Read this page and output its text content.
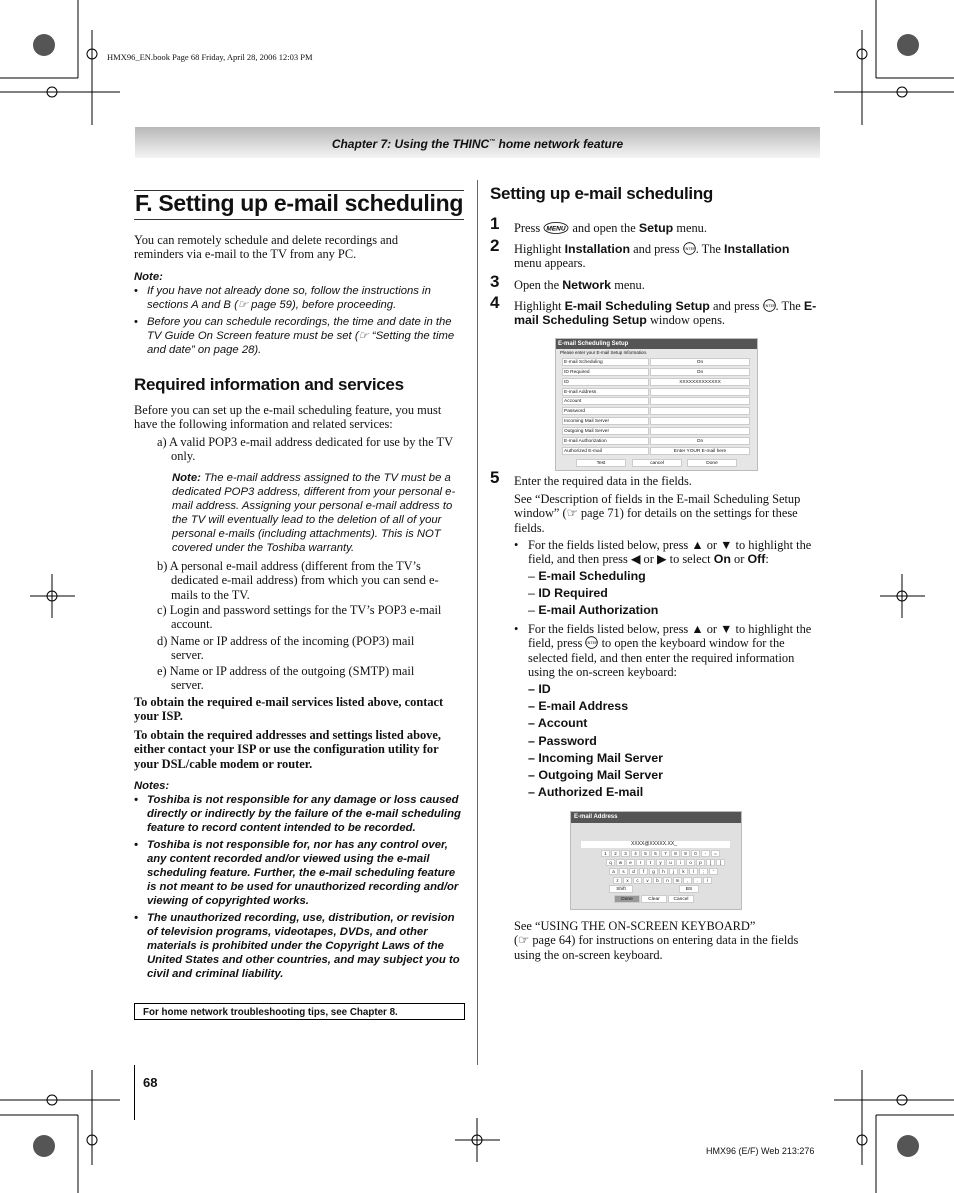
HMX96_EN.book Page 68 Friday, April 28, 2006 12:03 PM
Chapter 7: Using the THINC™ home network feature
F. Setting up e-mail scheduling
You can remotely schedule and delete recordings and reminders via e-mail to the TV from any PC.
Note:
• If you have not already done so, follow the instructions in sections A and B (☞ page 59), before proceeding.
• Before you can schedule recordings, the time and date in the TV Guide On Screen feature must be set (☞ “Setting the time and date” on page 28).
Required information and services
Before you can set up the e-mail scheduling feature, you must have the following information and related services:
a) A valid POP3 e-mail address dedicated for use by the TV only.
Note: The e-mail address assigned to the TV must be a dedicated POP3 address, different from your personal e-mail address. Assigning your personal e-mail address to the TV will eventually lead to the deletion of all of your personal e-mails (including attachments). This is NOT covered under the Toshiba warranty.
b) A personal e-mail address (different from the TV’s dedicated e-mail address) from which you can send e-mails to the TV.
c) Login and password settings for the TV’s POP3 e-mail account.
d) Name or IP address of the incoming (POP3) mail server.
e) Name or IP address of the outgoing (SMTP) mail server.
To obtain the required e-mail services listed above, contact your ISP.
To obtain the required addresses and settings listed above, either contact your ISP or use the configuration utility for your DSL/cable modem or router.
Notes:
• Toshiba is not responsible for any damage or loss caused directly or indirectly by the failure of the e-mail scheduling feature to record content intended to be recorded.
• Toshiba is not responsible for, nor has any control over, any content recorded and/or viewed using the e-mail scheduling feature. Further, the e-mail scheduling feature is not meant to be used for unauthorized recording and/or viewing of copyrighted works.
• The unauthorized recording, use, distribution, or revision of television programs, videotapes, DVDs, and other materials is prohibited under the Copyright Laws of the United States and other countries, and may subject you to civil and criminal liability.
For home network troubleshooting tips, see Chapter 8.
Setting up e-mail scheduling
1 Press MENU and open the Setup menu.
2 Highlight Installation and press ENTER . The Installation menu appears.
3 Open the Network menu.
4 Highlight E-mail Scheduling Setup and press ENTER . The E-mail Scheduling Setup window opens.
E-mail Scheduling Setup
Please enter your E-mail Setup Information.
E-mail Scheduling	On
ID Required	On
ID	XXXXXXXXXXXXX
E-mail Address
Account
Password
Incoming Mail Server
Outgoing Mail Server
E-mail Authorization	On
Authorized E-mail	Enter YOUR E-mail here
Test	cancel	Done
5 Enter the required data in the fields.
See “Description of fields in the E-mail Scheduling Setup window” (☞ page 71) for details on the settings for these fields.
• For the fields listed below, press ▲ or ▼ to highlight the field, and then press ◀ or ▶ to select On or Off:
– E-mail Scheduling
– ID Required
– E-mail Authorization
• For the fields listed below, press ▲ or ▼ to highlight the field, press ENTER to open the keyboard window for the selected field, and then enter the required information using the on-screen keyboard:
– ID
– E-mail Address
– Account
– Password
– Incoming Mail Server
– Outgoing Mail Server
– Authorized E-mail
E-mail Address
XXXX@XXXXX.XX_
1	2	3	4	5	6	7	8	9	0	-	=
q	w	e	r	t	y	u	i	o	p	[	]
a	s	d	f	g	h	j	k	l	;	'
z	x	c	v	b	n	m	,	.	/
Shift	BS
Done	Clear	Cancel
See “USING THE ON-SCREEN KEYBOARD”
(☞ page 64) for instructions on entering data in the fields using the on-screen keyboard.
68
HMX96 (E/F) Web 213:276
